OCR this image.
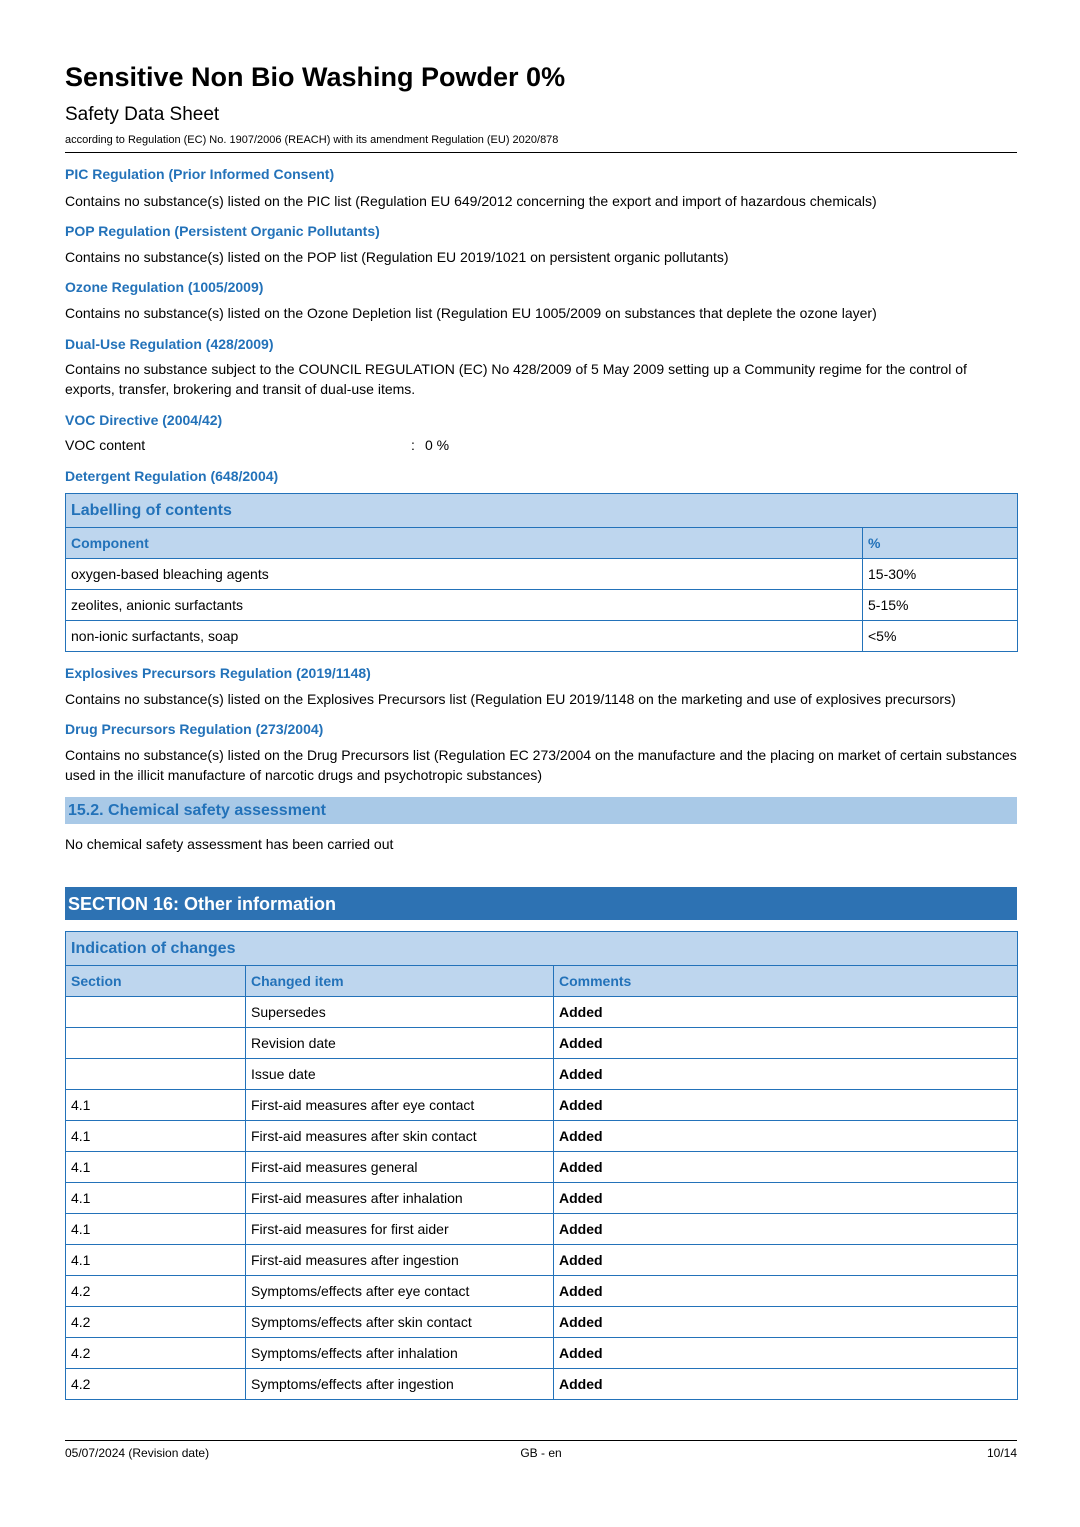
Sensitive Non Bio Washing Powder 0%
Safety Data Sheet
according to Regulation (EC) No. 1907/2006 (REACH) with its amendment Regulation (EU) 2020/878
PIC Regulation (Prior Informed Consent)
Contains no substance(s) listed on the PIC list (Regulation EU 649/2012 concerning the export and import of hazardous chemicals)
POP Regulation (Persistent Organic Pollutants)
Contains no substance(s) listed on the POP list (Regulation EU 2019/1021 on persistent organic pollutants)
Ozone Regulation (1005/2009)
Contains no substance(s) listed on the Ozone Depletion list (Regulation EU 1005/2009 on substances that deplete the ozone layer)
Dual-Use Regulation (428/2009)
Contains no substance subject to the COUNCIL REGULATION (EC) No 428/2009 of 5 May 2009 setting up a Community regime for the control of exports, transfer, brokering and transit of dual-use items.
VOC Directive (2004/42)
VOC content	: 0 %
Detergent Regulation (648/2004)
Labelling of contents	
Component	%
oxygen-based bleaching agents	15-30%
zeolites, anionic surfactants	5-15%
non-ionic surfactants, soap	<5%
Explosives Precursors Regulation (2019/1148)
Contains no substance(s) listed on the Explosives Precursors list (Regulation EU 2019/1148 on the marketing and use of explosives precursors)
Drug Precursors Regulation (273/2004)
Contains no substance(s) listed on the Drug Precursors list (Regulation EC 273/2004 on the manufacture and the placing on market of certain substances used in the illicit manufacture of narcotic drugs and psychotropic substances)
15.2. Chemical safety assessment
No chemical safety assessment has been carried out
SECTION 16: Other information
Indication of changes		
Section	Changed item	Comments
	Supersedes	Added
	Revision date	Added
	Issue date	Added
4.1	First-aid measures after eye contact	Added
4.1	First-aid measures after skin contact	Added
4.1	First-aid measures general	Added
4.1	First-aid measures after inhalation	Added
4.1	First-aid measures for first aider	Added
4.1	First-aid measures after ingestion	Added
4.2	Symptoms/effects after eye contact	Added
4.2	Symptoms/effects after skin contact	Added
4.2	Symptoms/effects after inhalation	Added
4.2	Symptoms/effects after ingestion	Added
05/07/2024 (Revision date)	GB - en	10/14
